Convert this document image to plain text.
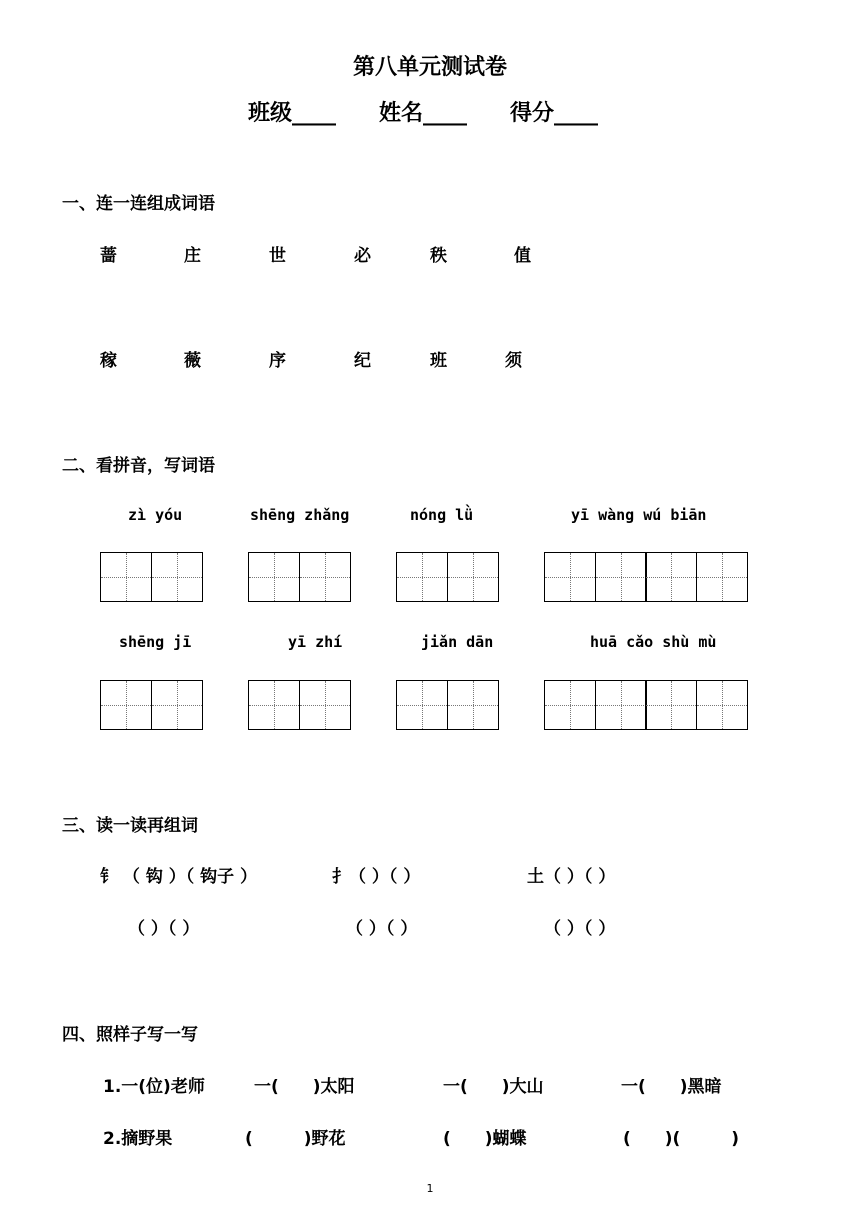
第八单元测试卷
班级____ 姓名____ 得分____
一、连一连组成词语
蔷	庄	世	必	秩	值
稼	薇	序	纪	班	须
二、看拼音，写词语
zì yóu	shēng zhǎng	nóng lǜ	yī wàng wú biān
shēng jī	yī zhí	jiǎn dān	huā cǎo shù mù
三、读一读再组词
钅 （ 钩 ）（ 钩子 ）	扌（ ）（ ）	土（ ）（ ）
（ ）（ ）	（ ）（ ）	（ ）（ ）
四、照样子写一写
1.一(位)老师	一(　　)太阳	一(　　)大山	一(　　)黑暗
2.摘野果	(　　　)野花	(　　)蝴蝶	(　　)(　　　)
1
